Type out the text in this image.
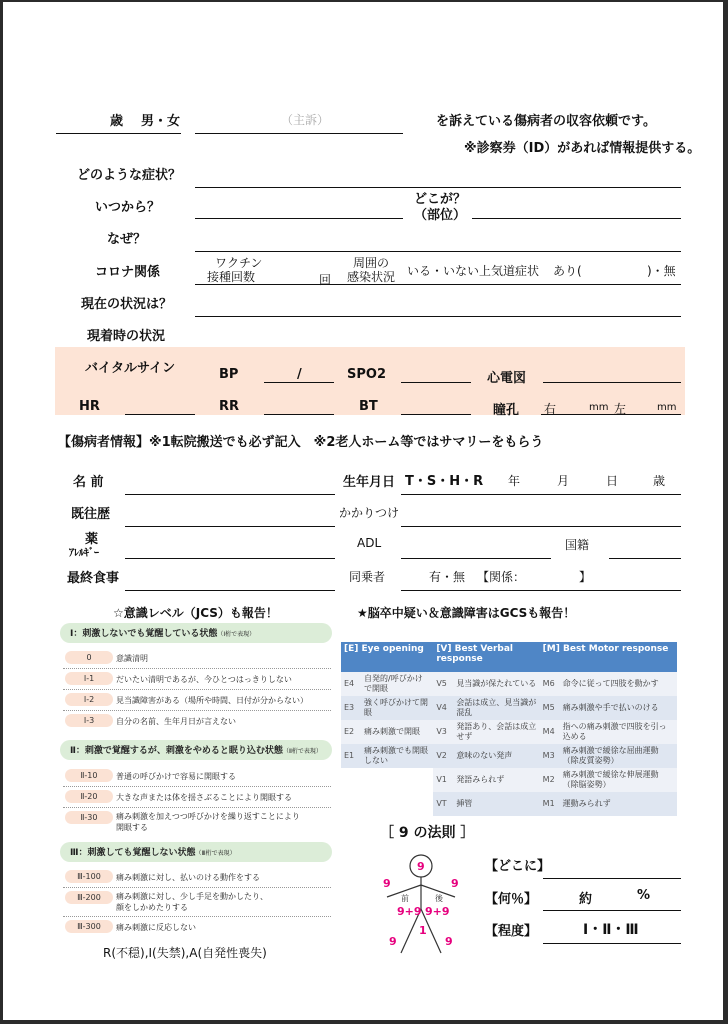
歳 男・女	（主訴）	を訴えている傷病者の収容依頼です。
※診察券（ID）があれば情報提供する。
どのような症状？
いつから？
どこが？
（部位）
なぜ？
コロナ関係
ワクチン
接種回数	回
周囲の
感染状況 いる・いない 上気道症状 あり(	)・無
現在の状況は？
現着時の状況
バイタルサイン	BP	/	SPO2	心電図
HR	RR	BT	瞳孔 右	mm 左	mm
【傷病者情報】※1転院搬送でも必ず記入　※2老人ホーム等ではサマリーをもらう
名 前	生年月日 T・S・H・R 年	月	日	歳
既往歴	かかりつけ
薬
ｱﾚﾙｷﾞｰ
ADL	国籍
最終食事	同乗者	有・無 【関係：	】
☆意識レベル（JCS）も報告！
Ⅰ：刺激しないでも覚醒している状態（Ⅰ桁で表現）
0	意識清明
Ⅰ-1	だいたい清明であるが、今ひとつはっきりしない
Ⅰ-2	見当識障害がある（場所や時間、日付が分からない）
Ⅰ-3	自分の名前、生年月日が言えない
Ⅱ：刺激で覚醒するが、刺激をやめると眠り込む状態（Ⅱ桁で表現）
Ⅱ-10	普通の呼びかけで容易に開眼する
Ⅱ-20	大きな声または体を揺さぶることにより開眼する
Ⅱ-30	痛み刺激を加えつつ呼びかけを繰り返すことにより
開眼する
Ⅲ：刺激しても覚醒しない状態（Ⅲ桁で表現）
Ⅲ-100	痛み刺激に対し、払いのける動作をする
Ⅲ-200	痛み刺激に対し、少し手足を動かしたり、
顔をしかめたりする
Ⅲ-300	痛み刺激に反応しない
R(不穏),Ⅰ(失禁),A(自発性喪失)
★脳卒中疑い＆意識障害はGCSも報告！
[E] Eye opening		[V] Best Verbal response		[M] Best Motor response	
E4	自発的/呼びかけで開眼	V5	見当識が保たれている	M6	命令に従って四肢を動かす
E3	強く呼びかけて開眼	V4	会話は成立、見当識が混乱	M5	痛み刺激や手で払いのける
E2	痛み刺激で開眼	V3	発語あり、会話は成立せず	M4	指への痛み刺激で四肢を引っ込める
E1	痛み刺激でも開眼しない	V2	意味のない発声	M3	痛み刺激で緩徐な屈曲運動（除皮質姿勢）
		V1	発語みられず	M2	痛み刺激で緩徐な伸展運動（除脳姿勢）
		VT	挿管	M1	運動みられず
［ 9 の法則 ］
9
9	9
9+9 9+9
1
9	9
前	後
【どこに】
【何％】	約	%
【程度】	Ⅰ・Ⅱ・Ⅲ
